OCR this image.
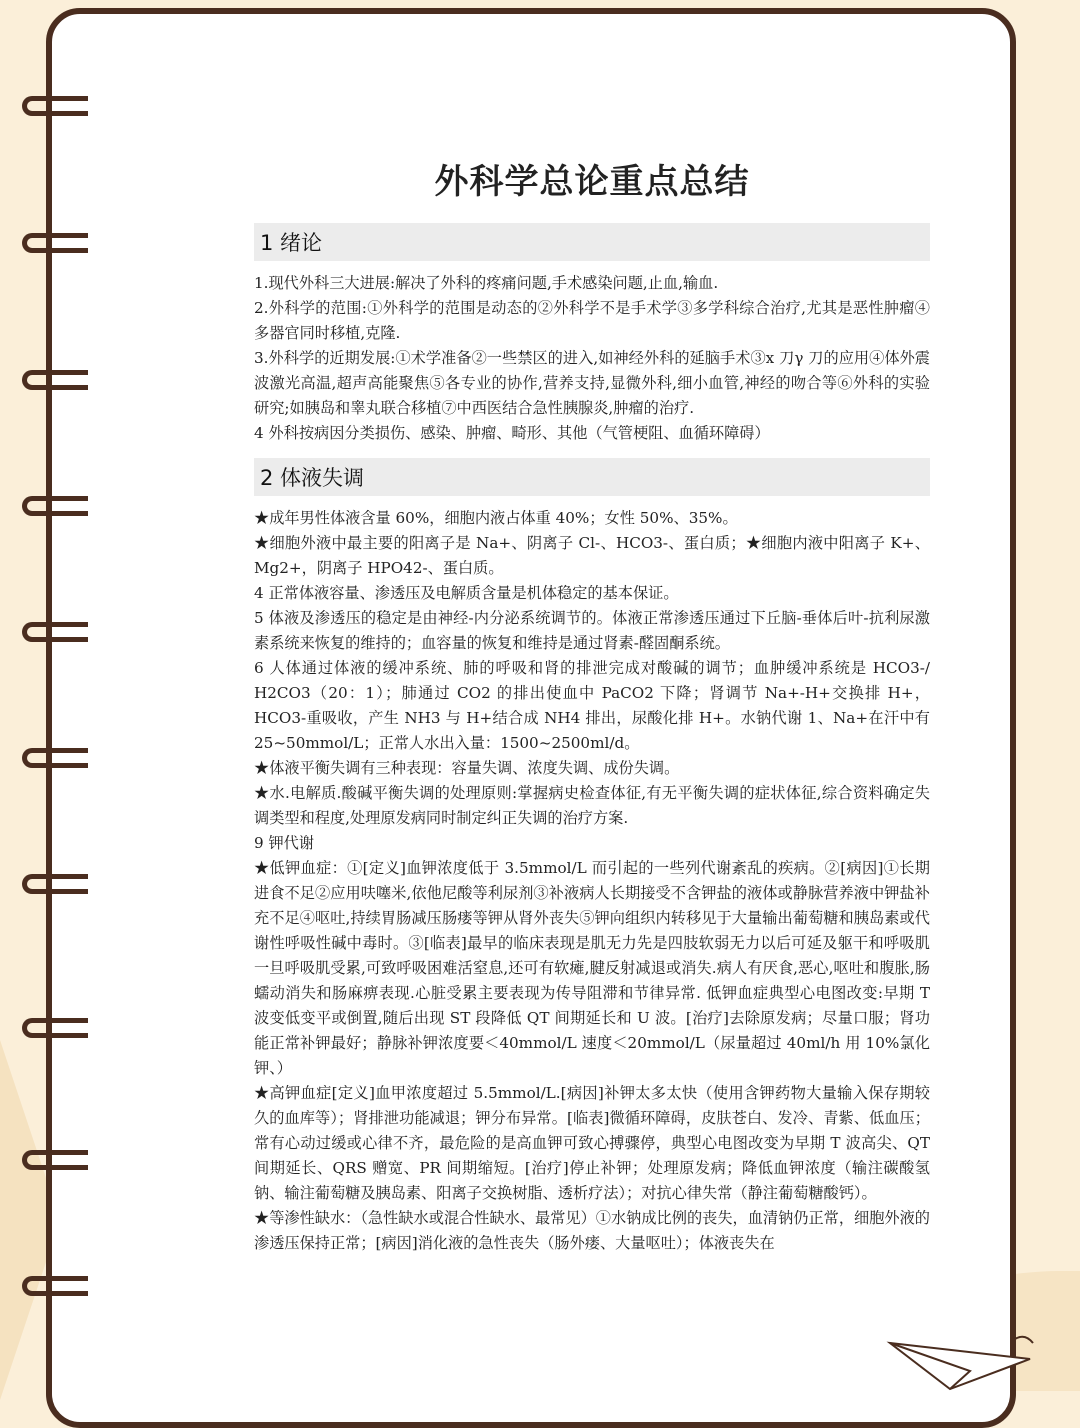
外科学总论重点总结
1 绪论

1.现代外科三大进展:解决了外科的疼痛问题,手术感染问题,止血,输血.

2.外科学的范围:①外科学的范围是动态的②外科学不是手术学③多学科综合治疗,尤其是恶性肿瘤④多器官同时移植,克隆.

3.外科学的近期发展:①术学准备②一些禁区的进入,如神经外科的延脑手术③x 刀γ 刀的应用④体外震波激光高温,超声高能聚焦⑤各专业的协作,营养支持,显微外科,细小血管,神经的吻合等⑥外科的实验研究;如胰岛和睾丸联合移植⑦中西医结合急性胰腺炎,肿瘤的治疗.

4 外科按病因分类损伤、感染、肿瘤、畸形、其他（气管梗阻、血循环障碍）

2 体液失调

★成年男性体液含量 60%，细胞内液占体重 40%；女性 50%、35%。

★细胞外液中最主要的阳离子是 Na+、阴离子 Cl-、HCO3-、蛋白质；★细胞内液中阳离子 K+、Mg2+，阴离子 HPO42-、蛋白质。

4 正常体液容量、渗透压及电解质含量是机体稳定的基本保证。

5 体液及渗透压的稳定是由神经-内分泌系统调节的。体液正常渗透压通过下丘脑-垂体后叶-抗利尿激素系统来恢复的维持的；血容量的恢复和维持是通过肾素-醛固酮系统。

6 人体通过体液的缓冲系统、肺的呼吸和肾的排泄完成对酸碱的调节；血肿缓冲系统是 HCO3-/ H2CO3（20：1）；肺通过 CO2 的排出使血中 PaCO2 下降；肾调节 Na+-H+交换排 H+，HCO3-重吸收，产生 NH3 与 H+结合成 NH4 排出，尿酸化排 H+。水钠代谢 1、Na+在汗中有 25~50mmol/L；正常人水出入量：1500~2500ml/d。

★体液平衡失调有三种表现：容量失调、浓度失调、成份失调。

★水.电解质.酸碱平衡失调的处理原则:掌握病史检查体征,有无平衡失调的症状体征,综合资料确定失调类型和程度,处理原发病同时制定纠正失调的治疗方案.

9 钾代谢

★低钾血症：①[定义]血钾浓度低于 3.5mmol/L 而引起的一些列代谢紊乱的疾病。②[病因]①长期进食不足②应用呋噻米,依他尼酸等利尿剂③补液病人长期接受不含钾盐的液体或静脉营养液中钾盐补充不足④呕吐,持续胃肠减压肠瘘等钾从肾外丧失⑤钾向组织内转移见于大量输出葡萄糖和胰岛素或代谢性呼吸性碱中毒时。③[临表]最早的临床表现是肌无力先是四肢软弱无力以后可延及躯干和呼吸肌一旦呼吸肌受累,可致呼吸困难活窒息,还可有软瘫,腱反射减退或消失.病人有厌食,恶心,呕吐和腹胀,肠蠕动消失和肠麻痹表现.心脏受累主要表现为传导阻滞和节律异常. 低钾血症典型心电图改变:早期 T 波变低变平或倒置,随后出现 ST 段降低 QT 间期延长和 U 波。[治疗]去除原发病；尽量口服；肾功能正常补钾最好；静脉补钾浓度要＜40mmol/L 速度＜20mmol/L（尿量超过 40ml/h 用 10%氯化钾、）

★高钾血症[定义]血甲浓度超过 5.5mmol/L.[病因]补钾太多太快（使用含钾药物大量输入保存期较久的血库等）；肾排泄功能减退；钾分布异常。[临表]微循环障碍，皮肤苍白、发冷、青紫、低血压；常有心动过缓或心律不齐，最危险的是高血钾可致心搏骤停，典型心电图改变为早期 T 波高尖、QT 间期延长、QRS 赠宽、PR 间期缩短。[治疗]停止补钾；处理原发病；降低血钾浓度（输注碳酸氢钠、输注葡萄糖及胰岛素、阳离子交换树脂、透析疗法）；对抗心律失常（静注葡萄糖酸钙）。

★等渗性缺水：（急性缺水或混合性缺水、最常见）①水钠成比例的丧失，血清钠仍正常，细胞外液的渗透压保持正常；[病因]消化液的急性丧失（肠外瘘、大量呕吐）；体液丧失在
